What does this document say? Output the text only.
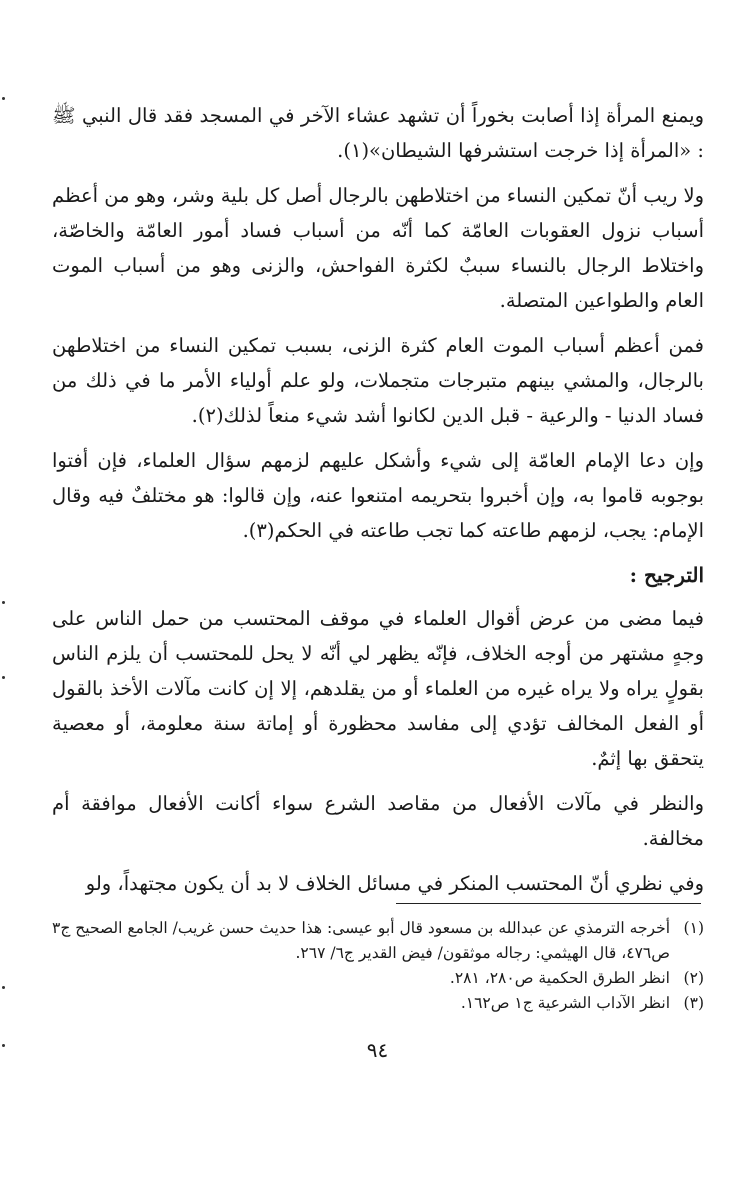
ويمنع المرأة إذا أصابت بخوراً أن تشهد عشاء الآخر في المسجد فقد قال النبي ﷺ : «المرأة إذا خرجت استشرفها الشيطان»(١).

ولا ريب أنّ تمكين النساء من اختلاطهن بالرجال أصل كل بلية وشر، وهو من أعظم أسباب نزول العقوبات العامّة كما أنّه من أسباب فساد أمور العامّة والخاصّة، واختلاط الرجال بالنساء سببٌ لكثرة الفواحش، والزنى وهو من أسباب الموت العام والطواعين المتصلة.

فمن أعظم أسباب الموت العام كثرة الزنى، بسبب تمكين النساء من اختلاطهن بالرجال، والمشي بينهم متبرجات متجملات، ولو علم أولياء الأمر ما في ذلك من فساد الدنيا - والرعية - قبل الدين لكانوا أشد شيء منعاً لذلك(٢).

وإن دعا الإمام العامّة إلى شيء وأشكل عليهم لزمهم سؤال العلماء، فإن أفتوا بوجوبه قاموا به، وإن أخبروا بتحريمه امتنعوا عنه، وإن قالوا: هو مختلفٌ فيه وقال الإمام: يجب، لزمهم طاعته كما تجب طاعته في الحكم(٣).

الترجيح :

فيما مضى من عرض أقوال العلماء في موقف المحتسب من حمل الناس على وجهٍ مشتهر من أوجه الخلاف، فإنّه يظهر لي أنّه لا يحل للمحتسب أن يلزم الناس بقولٍ يراه ولا يراه غيره من العلماء أو من يقلدهم، إلا إن كانت مآلات الأخذ بالقول أو الفعل المخالف تؤدي إلى مفاسد محظورة أو إماتة سنة معلومة، أو معصية يتحقق بها إثمٌ.

والنظر في مآلات الأفعال من مقاصد الشرع سواء أكانت الأفعال موافقة أم مخالفة.

وفي نظري أنّ المحتسب المنكر في مسائل الخلاف لا بد أن يكون مجتهداً، ولو

(١)
أخرجه الترمذي عن عبدالله بن مسعود قال أبو عيسى: هذا حديث حسن غريب/ الجامع الصحيح ج٣ ص٤٧٦، قال الهيثمي: رجاله موثقون/ فيض القدير ج٦/ ٢٦٧.
(٢)
انظر الطرق الحكمية ص٢٨٠، ٢٨١.
(٣)
انظر الآداب الشرعية ج١ ص١٦٢.
٩٤
